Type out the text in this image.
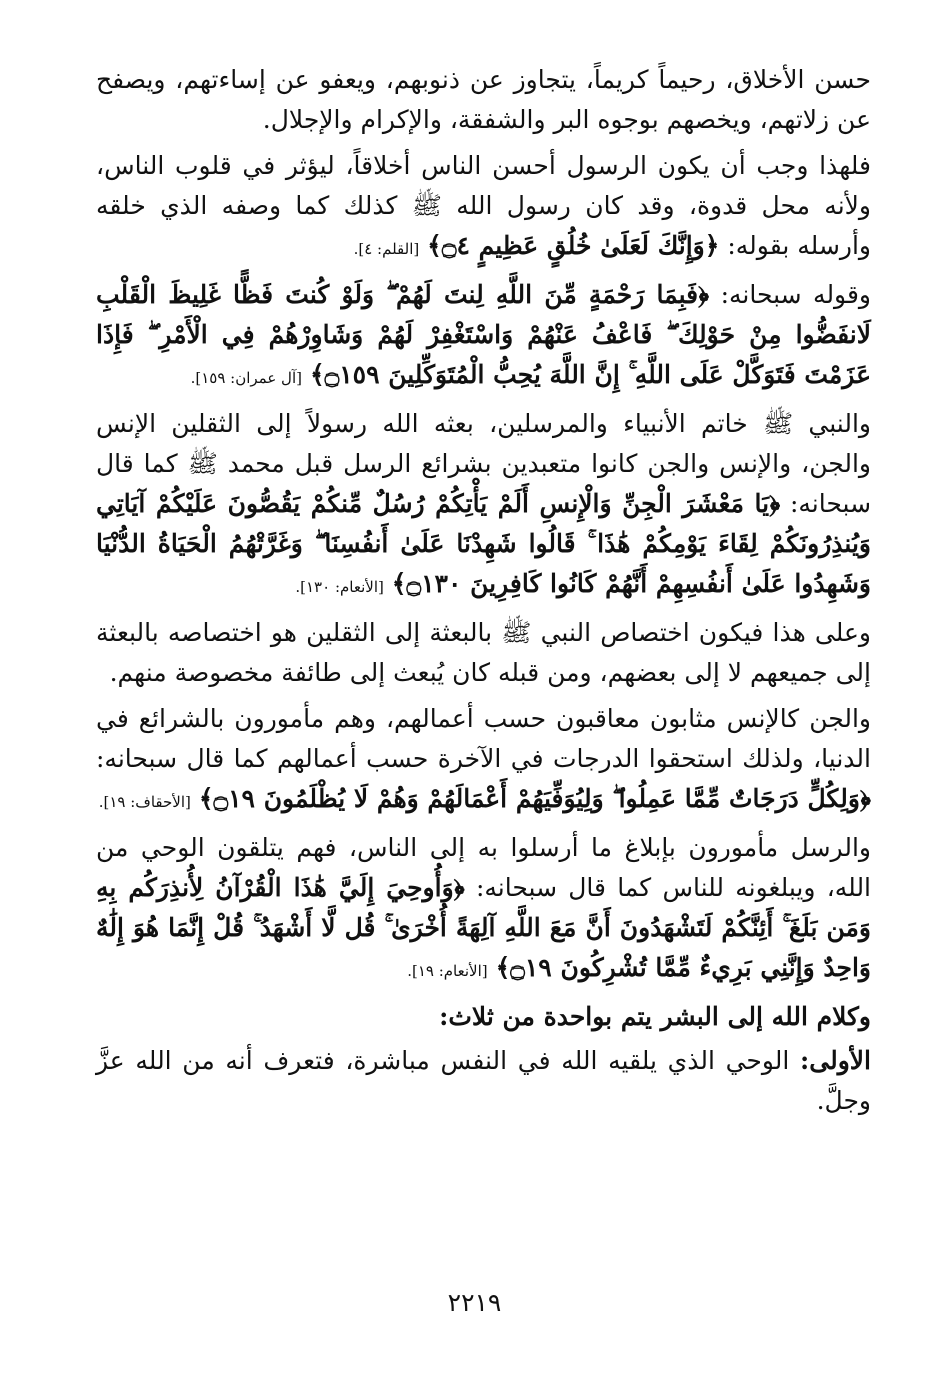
حسن الأخلاق، رحيماً كريماً، يتجاوز عن ذنوبهم، ويعفو عن إساءتهم، ويصفح عن زلاتهم، ويخصهم بوجوه البر والشفقة، والإكرام والإجلال.

فلهذا وجب أن يكون الرسول أحسن الناس أخلاقاً، ليؤثر في قلوب الناس، ولأنه محل قدوة، وقد كان رسول الله ﷺ كذلك كما وصفه الذي خلقه وأرسله بقوله: ﴿وَإِنَّكَ لَعَلَىٰ خُلُقٍ عَظِيمٍ ۝٤﴾ [القلم: ٤].

وقوله سبحانه: ﴿فَبِمَا رَحْمَةٍ مِّنَ اللَّهِ لِنتَ لَهُمْ ۖ وَلَوْ كُنتَ فَظًّا غَلِيظَ الْقَلْبِ لَانفَضُّوا مِنْ حَوْلِكَ ۖ فَاعْفُ عَنْهُمْ وَاسْتَغْفِرْ لَهُمْ وَشَاوِرْهُمْ فِي الْأَمْرِ ۖ فَإِذَا عَزَمْتَ فَتَوَكَّلْ عَلَى اللَّهِ ۚ إِنَّ اللَّهَ يُحِبُّ الْمُتَوَكِّلِينَ ۝١٥٩﴾ [آل عمران: ١٥٩].

والنبي ﷺ خاتم الأنبياء والمرسلين، بعثه الله رسولاً إلى الثقلين الإنس والجن، والإنس والجن كانوا متعبدين بشرائع الرسل قبل محمد ﷺ كما قال سبحانه: ﴿يَا مَعْشَرَ الْجِنِّ وَالْإِنسِ أَلَمْ يَأْتِكُمْ رُسُلٌ مِّنكُمْ يَقُصُّونَ عَلَيْكُمْ آيَاتِي وَيُنذِرُونَكُمْ لِقَاءَ يَوْمِكُمْ هَٰذَا ۚ قَالُوا شَهِدْنَا عَلَىٰ أَنفُسِنَا ۖ وَغَرَّتْهُمُ الْحَيَاةُ الدُّنْيَا وَشَهِدُوا عَلَىٰ أَنفُسِهِمْ أَنَّهُمْ كَانُوا كَافِرِينَ ۝١٣٠﴾ [الأنعام: ١٣٠].

وعلى هذا فيكون اختصاص النبي ﷺ بالبعثة إلى الثقلين هو اختصاصه بالبعثة إلى جميعهم لا إلى بعضهم، ومن قبله كان يُبعث إلى طائفة مخصوصة منهم.

والجن كالإنس مثابون معاقبون حسب أعمالهم، وهم مأمورون بالشرائع في الدنيا، ولذلك استحقوا الدرجات في الآخرة حسب أعمالهم كما قال سبحانه: ﴿وَلِكُلٍّ دَرَجَاتٌ مِّمَّا عَمِلُوا ۖ وَلِيُوَفِّيَهُمْ أَعْمَالَهُمْ وَهُمْ لَا يُظْلَمُونَ ۝١٩﴾ [الأحقاف: ١٩].

والرسل مأمورون بإبلاغ ما أرسلوا به إلى الناس، فهم يتلقون الوحي من الله، ويبلغونه للناس كما قال سبحانه: ﴿وَأُوحِيَ إِلَيَّ هَٰذَا الْقُرْآنُ لِأُنذِرَكُم بِهِ وَمَن بَلَغَ ۚ أَئِنَّكُمْ لَتَشْهَدُونَ أَنَّ مَعَ اللَّهِ آلِهَةً أُخْرَىٰ ۚ قُل لَّا أَشْهَدُ ۚ قُلْ إِنَّمَا هُوَ إِلَٰهٌ وَاحِدٌ وَإِنَّنِي بَرِيءٌ مِّمَّا تُشْرِكُونَ ۝١٩﴾ [الأنعام: ١٩].

وكلام الله إلى البشر يتم بواحدة من ثلاث:

الأولى: الوحي الذي يلقيه الله في النفس مباشرة، فتعرف أنه من الله عزَّ وجلَّ.

٢٢١٩
